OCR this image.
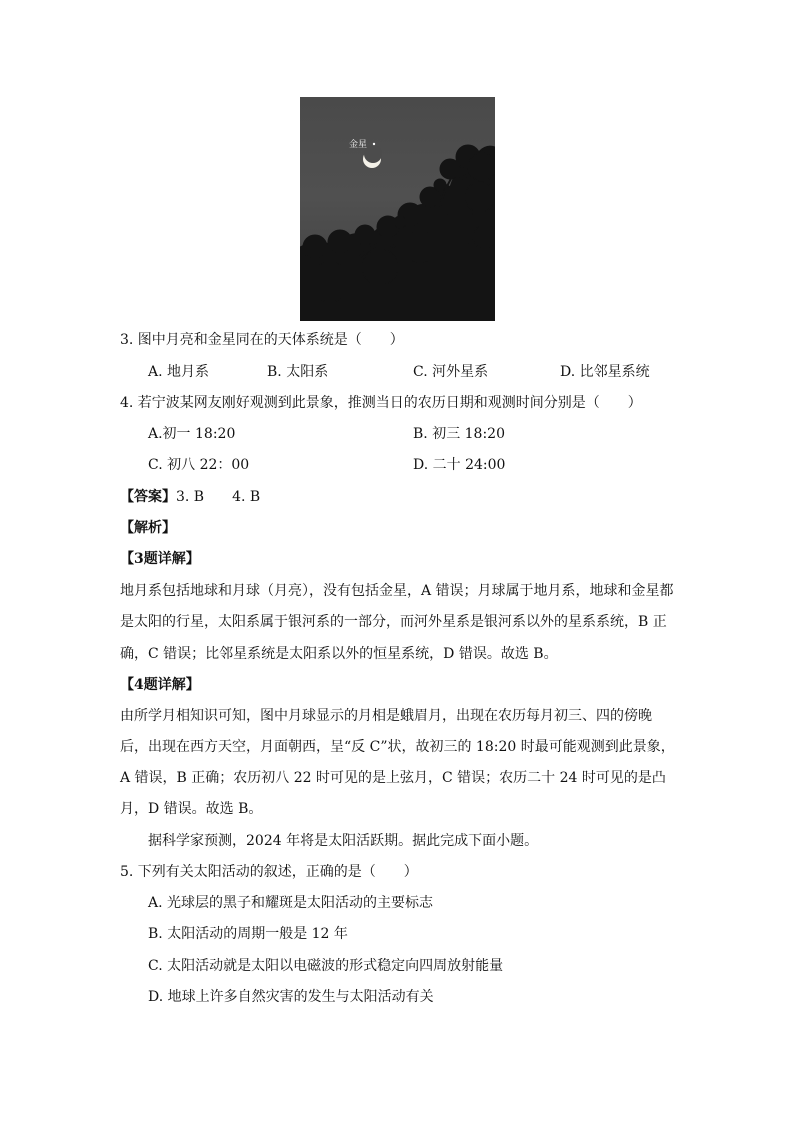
金星
3. 图中月亮和金星同在的天体系统是（　　）
A. 地月系	B. 太阳系	C. 河外星系	D. 比邻星系统
4. 若宁波某网友刚好观测到此景象，推测当日的农历日期和观测时间分别是（　　）
A.初一 18:20	B. 初三 18:20
C. 初八 22：00	D. 二十 24:00
【答案】3. B　　4. B
【解析】
【3题详解】
地月系包括地球和月球（月亮），没有包括金星，A 错误；月球属于地月系，地球和金星都
是太阳的行星，太阳系属于银河系的一部分，而河外星系是银河系以外的星系系统，B 正
确，C 错误；比邻星系统是太阳系以外的恒星系统，D 错误。故选 B。
【4题详解】
由所学月相知识可知，图中月球显示的月相是蛾眉月，出现在农历每月初三、四的傍晚
后，出现在西方天空，月面朝西，呈“反 C”状，故初三的 18:20 时最可能观测到此景象，
A 错误，B 正确；农历初八 22 时可见的是上弦月，C 错误；农历二十 24 时可见的是凸
月，D 错误。故选 B。
据科学家预测，2024 年将是太阳活跃期。据此完成下面小题。
5. 下列有关太阳活动的叙述，正确的是（　　）
A. 光球层的黑子和耀斑是太阳活动的主要标志
B. 太阳活动的周期一般是 12 年
C. 太阳活动就是太阳以电磁波的形式稳定向四周放射能量
D. 地球上许多自然灾害的发生与太阳活动有关
